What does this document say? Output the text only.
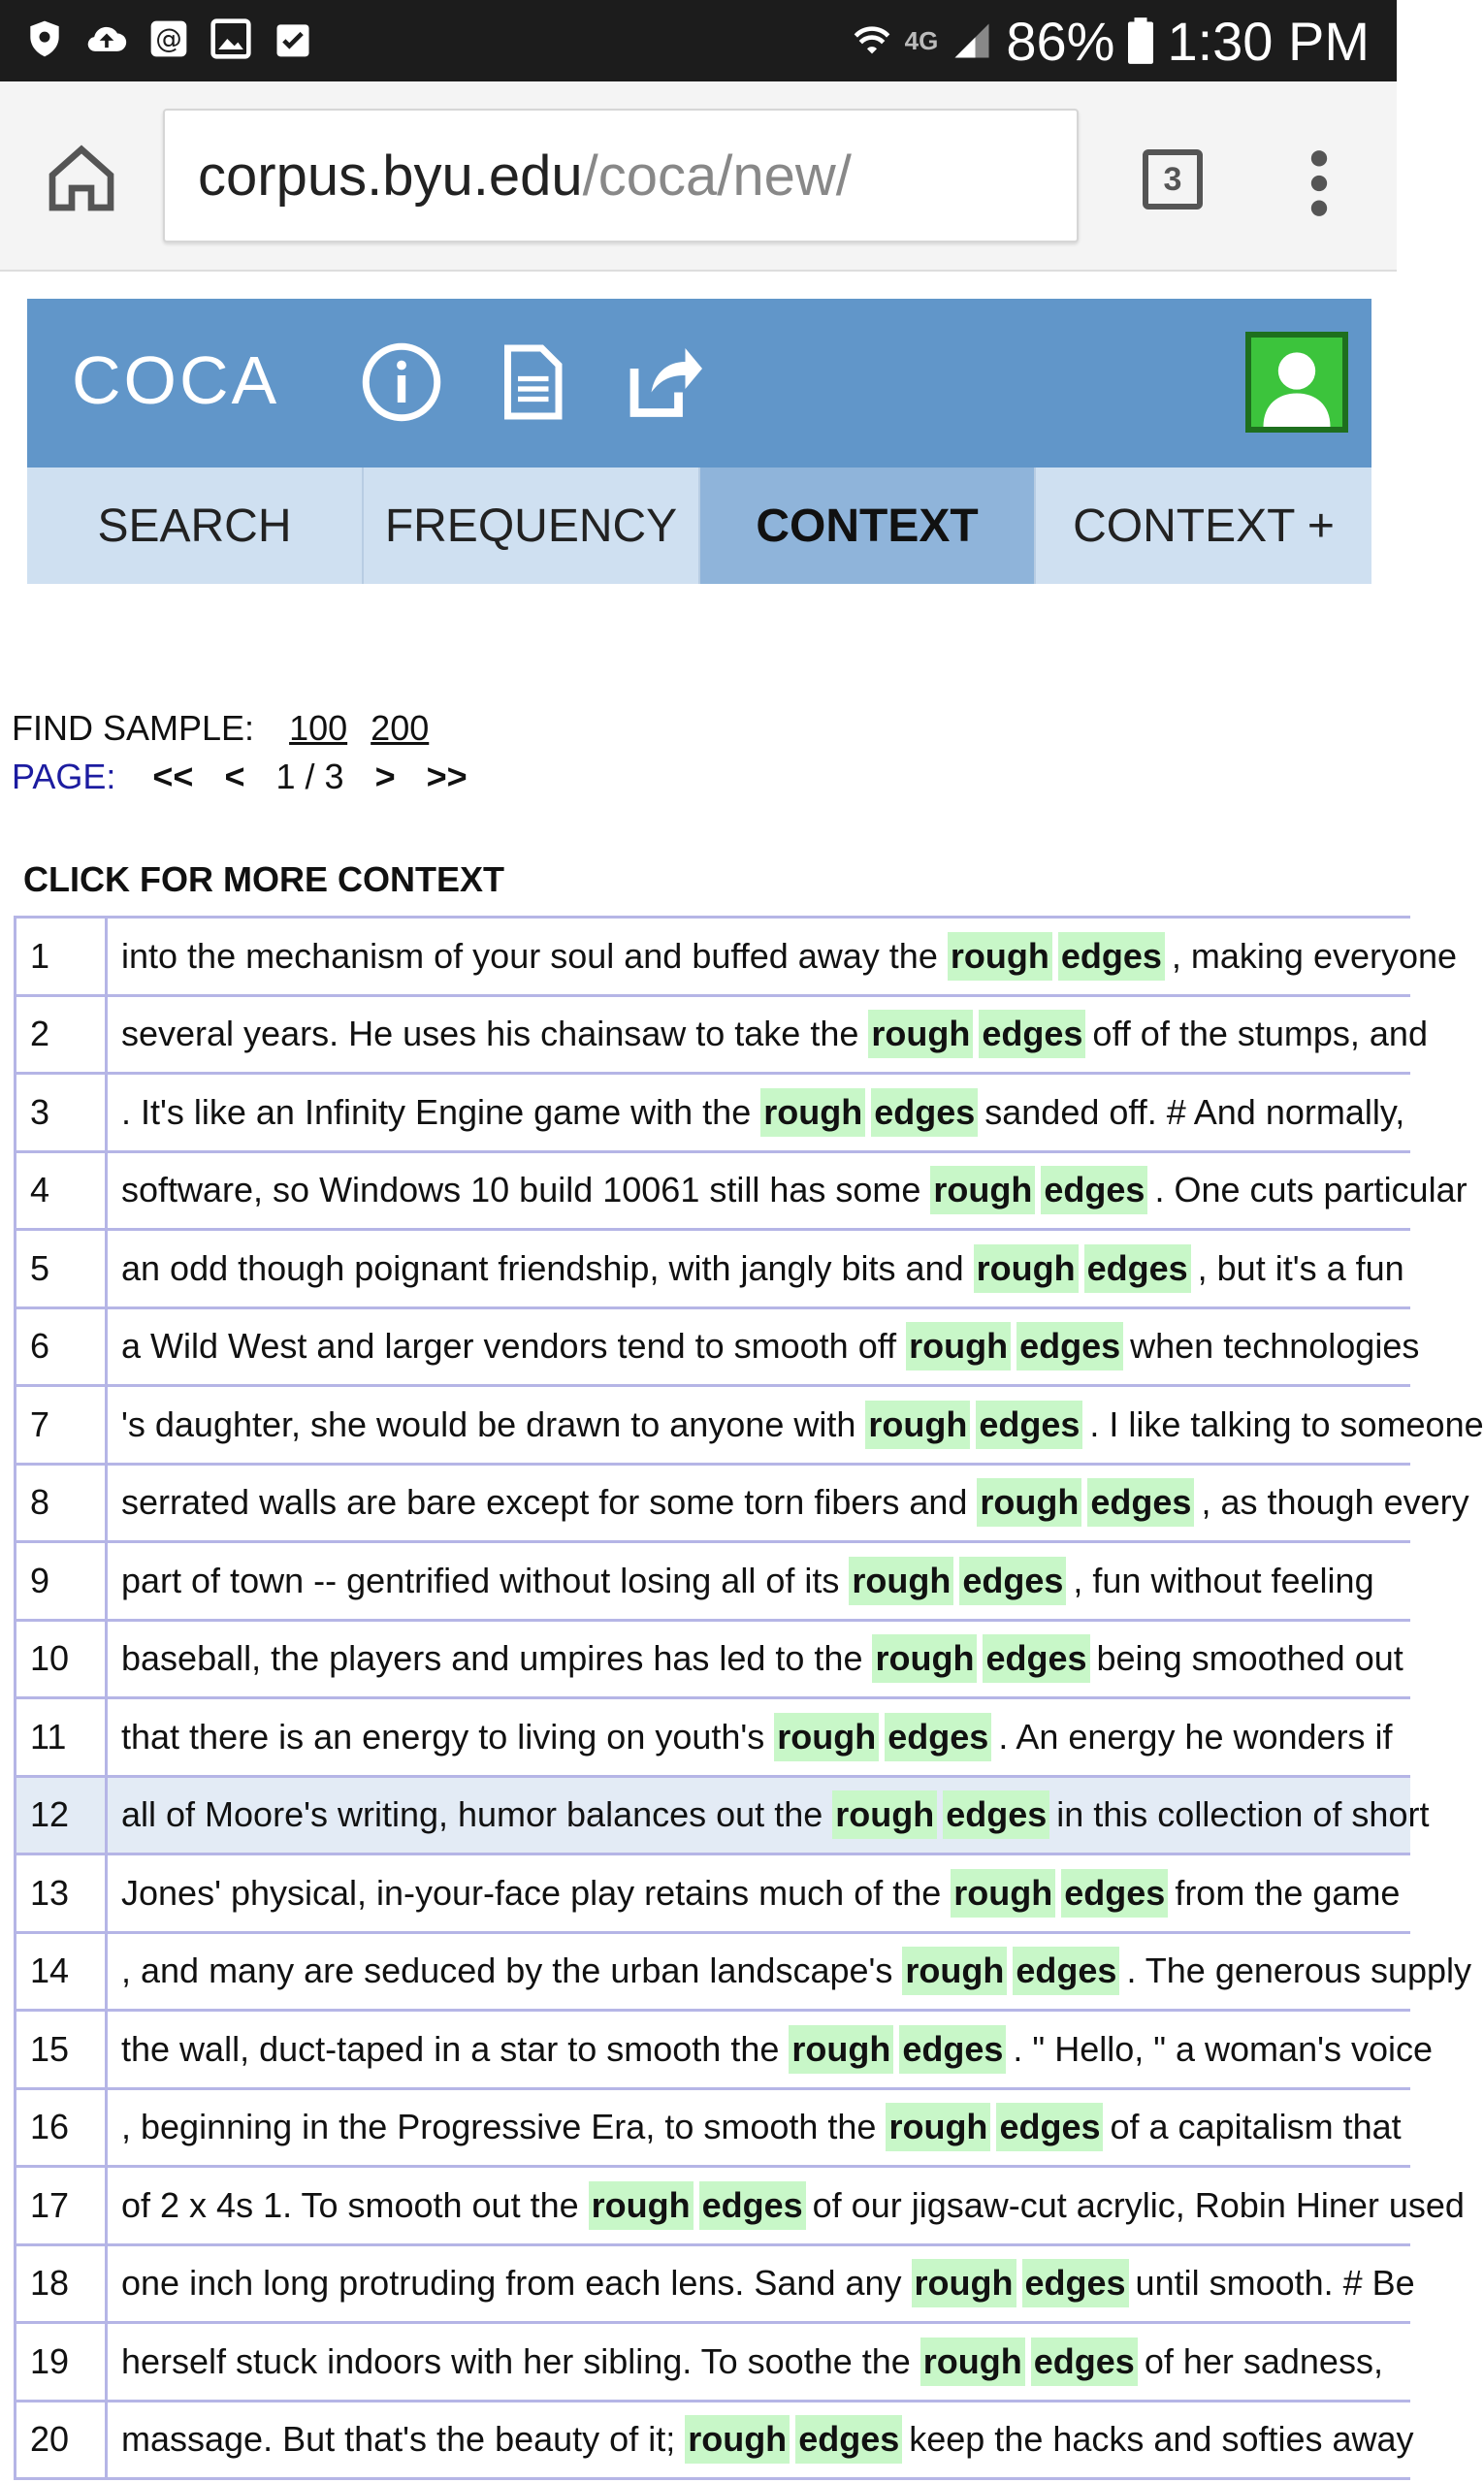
@	4G 86% 1:30 PM
corpus.byu.edu /coca/new/	3
COCA
SEARCH	FREQUENCY	CONTEXT	CONTEXT +
FIND SAMPLE: 100 200
PAGE: << < 1 / 3 > >>
CLICK FOR MORE CONTEXT
1	into the mechanism of your soul and buffed away the rough edges , making everyone
2	several years. He uses his chainsaw to take the rough edges off of the stumps, and
3	. It's like an Infinity Engine game with the rough edges sanded off. # And normally,
4	software, so Windows 10 build 10061 still has some rough edges . One cuts particular
5	an odd though poignant friendship, with jangly bits and rough edges , but it's a fun
6	a Wild West and larger vendors tend to smooth off rough edges when technologies
7	's daughter, she would be drawn to anyone with rough edges . I like talking to someone
8	serrated walls are bare except for some torn fibers and rough edges , as though every
9	part of town -- gentrified without losing all of its rough edges , fun without feeling
10	baseball, the players and umpires has led to the rough edges being smoothed out
11	that there is an energy to living on youth's rough edges . An energy he wonders if
12	all of Moore's writing, humor balances out the rough edges in this collection of short
13	Jones' physical, in-your-face play retains much of the rough edges from the game
14	, and many are seduced by the urban landscape's rough edges . The generous supply
15	the wall, duct-taped in a star to smooth the rough edges . " Hello, " a woman's voice
16	, beginning in the Progressive Era, to smooth the rough edges of a capitalism that
17	of 2 x 4s 1. To smooth out the rough edges of our jigsaw-cut acrylic, Robin Hiner used
18	one inch long protruding from each lens. Sand any rough edges until smooth. # Be
19	herself stuck indoors with her sibling. To soothe the rough edges of her sadness,
20	massage. But that's the beauty of it; rough edges keep the hacks and softies away
